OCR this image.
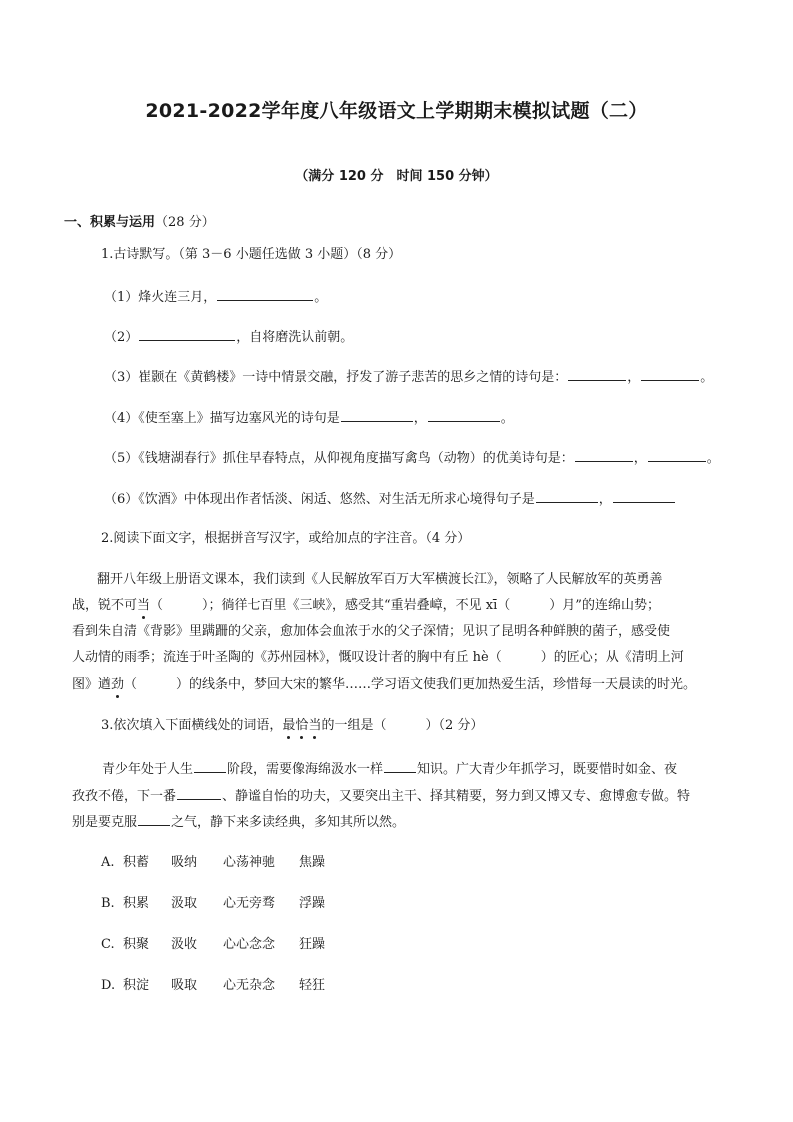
2021-2022学年度八年级语文上学期期末模拟试题（二）
（满分 120 分　时间 150 分钟）
一、积累与运用（28 分）
1.古诗默写。（第 3－6 小题任选做 3 小题）（8 分）
（1）烽火连三月，	。
（2）	，自将磨洗认前朝。
（3）崔颢在《黄鹤楼》一诗中情景交融，抒发了游子悲苦的思乡之情的诗句是：	，	。
（4）《使至塞上》描写边塞风光的诗句是	，	。
（5）《钱塘湖春行》抓住早春特点，从仰视角度描写禽鸟（动物）的优美诗句是：	，	。
（6）《饮酒》中体现出作者恬淡、闲适、悠然、对生活无所求心境得句子是	，
2.阅读下面文字，根据拼音写汉字，或给加点的字注音。（4 分）
翻开八年级上册语文课本，我们读到《人民解放军百万大军横渡长江》，领略了人民解放军的英勇善
战，锐不可当（　　　）；徜徉七百里《三峡》，感受其“重岩叠嶂，不见 xī（　　　）月”的连绵山势；
看到朱自清《背影》里蹒跚的父亲，愈加体会血浓于水的父子深情；见识了昆明各种鲜腴的菌子，感受使
人动情的雨季；流连于叶圣陶的《苏州园林》，慨叹设计者的胸中有丘 hè（　　　）的匠心；从《清明上河
图》遒劲（　　　）的线条中，梦回大宋的繁华……学习语文使我们更加热爱生活，珍惜每一天晨读的时光。
3.依次填入下面横线处的词语，最恰当的一组是（　　　）（2 分）
青少年处于人生	阶段，需要像海绵汲水一样	知识。广大青少年抓学习，既要惜时如金、夜
孜孜不倦，下一番	、静谧自怡的功夫，又要突出主干、择其精要，努力到又博又专、愈博愈专做。特
别是要克服	之气，静下来多读经典，多知其所以然。
A. 积蓄 吸纳 心荡神驰 焦躁
B. 积累 汲取 心无旁骛 浮躁
C. 积聚 汲收 心心念念 狂躁
D. 积淀 吸取 心无杂念 轻狂
